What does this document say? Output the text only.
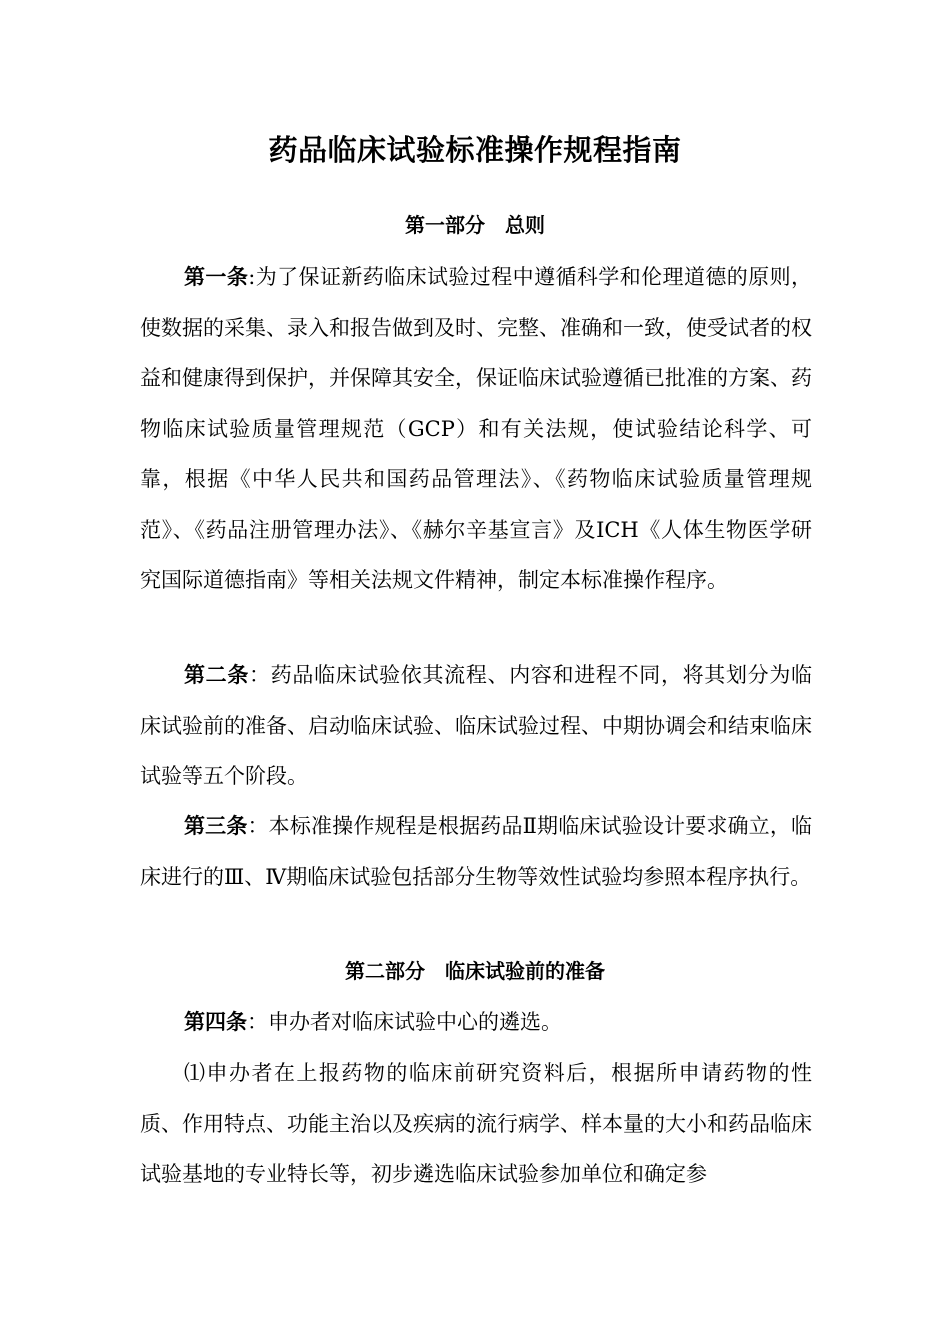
药品临床试验标准操作规程指南
第一部分　总则

第一条:为了保证新药临床试验过程中遵循科学和伦理道德的原则，使数据的采集、录入和报告做到及时、完整、准确和一致，使受试者的权益和健康得到保护，并保障其安全，保证临床试验遵循已批准的方案、药物临床试验质量管理规范（GCP）和有关法规，使试验结论科学、可靠，根据《中华人民共和国药品管理法》、《药物临床试验质量管理规范》、《药品注册管理办法》、《赫尔辛基宣言》及ICH《人体生物医学研究国际道德指南》等相关法规文件精神，制定本标准操作程序。

第二条：药品临床试验依其流程、内容和进程不同，将其划分为临床试验前的准备、启动临床试验、临床试验过程、中期协调会和结束临床试验等五个阶段。

第三条：本标准操作规程是根据药品Ⅱ期临床试验设计要求确立，临床进行的Ⅲ、Ⅳ期临床试验包括部分生物等效性试验均参照本程序执行。

第二部分　临床试验前的准备

第四条：申办者对临床试验中心的遴选。

⑴申办者在上报药物的临床前研究资料后，根据所申请药物的性质、作用特点、功能主治以及疾病的流行病学、样本量的大小和药品临床试验基地的专业特长等，初步遴选临床试验参加单位和确定参
